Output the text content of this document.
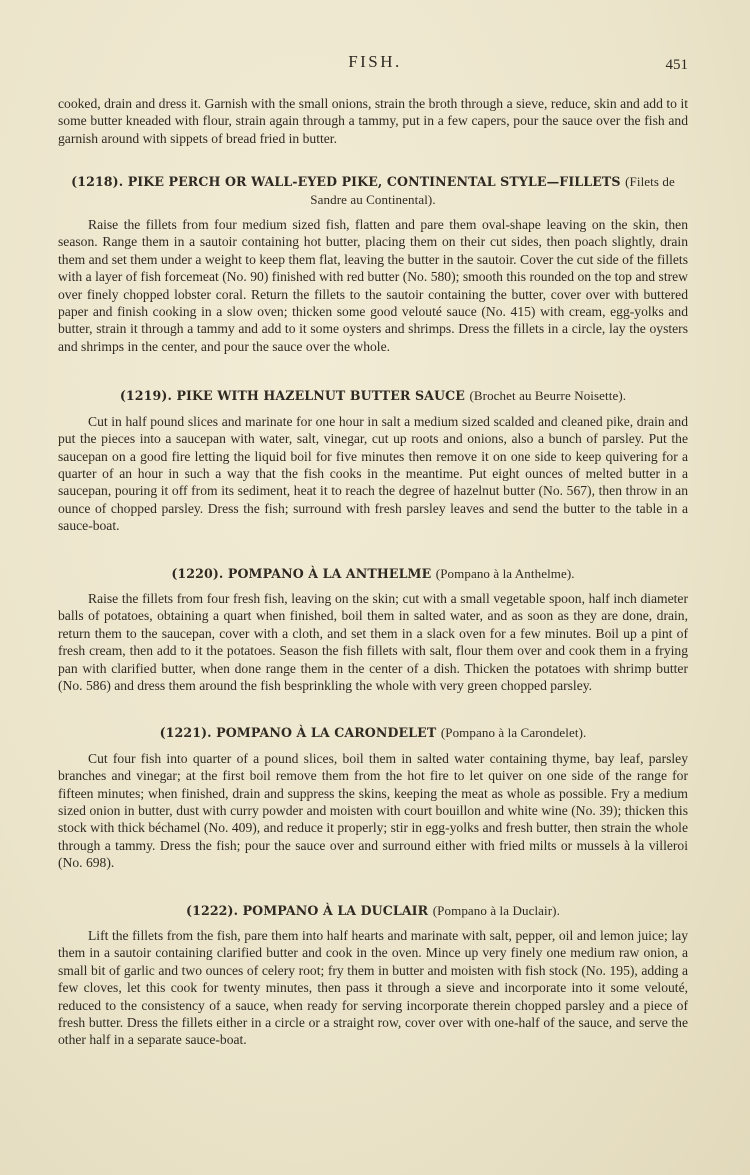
FISH.	451

cooked, drain and dress it. Garnish with the small onions, strain the broth through a sieve, reduce, skin and add to it some butter kneaded with flour, strain again through a tammy, put in a few capers, pour the sauce over the fish and garnish around with sippets of bread fried in butter.

(1218). PIKE PERCH OR WALL-EYED PIKE, CONTINENTAL STYLE—FILLETS (Filets de Sandre au Continental).

Raise the fillets from four medium sized fish, flatten and pare them oval-shape leaving on the skin, then season. Range them in a sautoir containing hot butter, placing them on their cut sides, then poach slightly, drain them and set them under a weight to keep them flat, leaving the butter in the sautoir. Cover the cut side of the fillets with a layer of fish forcemeat (No. 90) finished with red butter (No. 580); smooth this rounded on the top and strew over finely chopped lobster coral. Return the fillets to the sautoir containing the butter, cover over with buttered paper and finish cooking in a slow oven; thicken some good velouté sauce (No. 415) with cream, egg-yolks and butter, strain it through a tammy and add to it some oysters and shrimps. Dress the fillets in a circle, lay the oysters and shrimps in the center, and pour the sauce over the whole.

(1219). PIKE WITH HAZELNUT BUTTER SAUCE (Brochet au Beurre Noisette).

Cut in half pound slices and marinate for one hour in salt a medium sized scalded and cleaned pike, drain and put the pieces into a saucepan with water, salt, vinegar, cut up roots and onions, also a bunch of parsley. Put the saucepan on a good fire letting the liquid boil for five minutes then remove it on one side to keep quivering for a quarter of an hour in such a way that the fish cooks in the meantime. Put eight ounces of melted butter in a saucepan, pouring it off from its sediment, heat it to reach the degree of hazelnut butter (No. 567), then throw in an ounce of chopped parsley. Dress the fish; surround with fresh parsley leaves and send the butter to the table in a sauce-boat.

(1220). POMPANO À LA ANTHELME (Pompano à la Anthelme).

Raise the fillets from four fresh fish, leaving on the skin; cut with a small vegetable spoon, half inch diameter balls of potatoes, obtaining a quart when finished, boil them in salted water, and as soon as they are done, drain, return them to the saucepan, cover with a cloth, and set them in a slack oven for a few minutes. Boil up a pint of fresh cream, then add to it the potatoes. Season the fish fillets with salt, flour them over and cook them in a frying pan with clarified butter, when done range them in the center of a dish. Thicken the potatoes with shrimp butter (No. 586) and dress them around the fish besprinkling the whole with very green chopped parsley.

(1221). POMPANO À LA CARONDELET (Pompano à la Carondelet).

Cut four fish into quarter of a pound slices, boil them in salted water containing thyme, bay leaf, parsley branches and vinegar; at the first boil remove them from the hot fire to let quiver on one side of the range for fifteen minutes; when finished, drain and suppress the skins, keeping the meat as whole as possible. Fry a medium sized onion in butter, dust with curry powder and moisten with court bouillon and white wine (No. 39); thicken this stock with thick béchamel (No. 409), and reduce it properly; stir in egg-yolks and fresh butter, then strain the whole through a tammy. Dress the fish; pour the sauce over and surround either with fried milts or mussels à la villeroi (No. 698).

(1222). POMPANO À LA DUCLAIR (Pompano à la Duclair).

Lift the fillets from the fish, pare them into half hearts and marinate with salt, pepper, oil and lemon juice; lay them in a sautoir containing clarified butter and cook in the oven. Mince up very finely one medium raw onion, a small bit of garlic and two ounces of celery root; fry them in butter and moisten with fish stock (No. 195), adding a few cloves, let this cook for twenty minutes, then pass it through a sieve and incorporate into it some velouté, reduced to the consistency of a sauce, when ready for serving incorporate therein chopped parsley and a piece of fresh butter. Dress the fillets either in a circle or a straight row, cover over with one-half of the sauce, and serve the other half in a separate sauce-boat.
